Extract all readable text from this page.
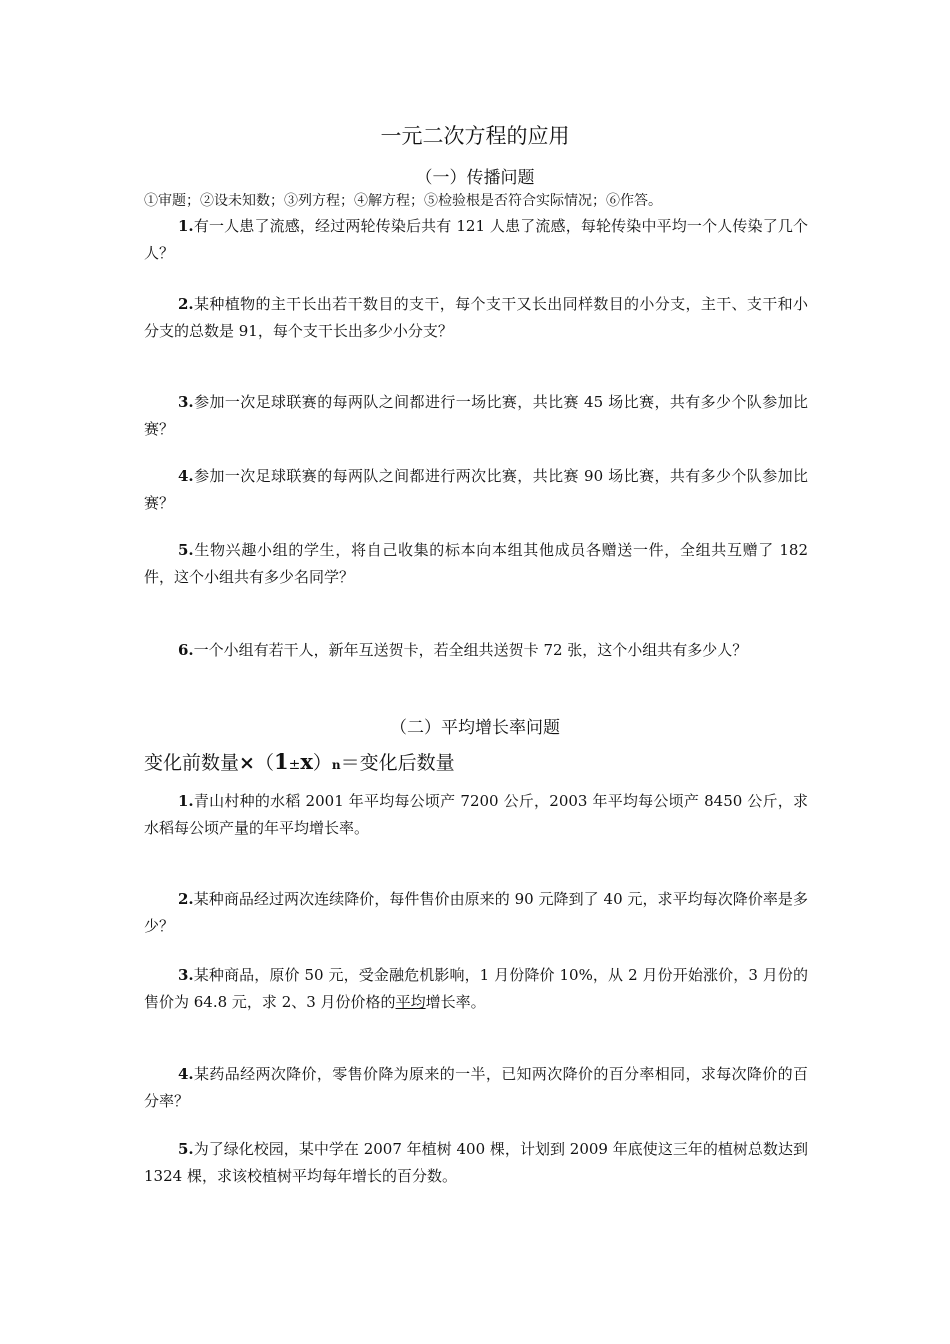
一元二次方程的应用
（一）传播问题
①审题；②设未知数；③列方程；④解方程；⑤检验根是否符合实际情况；⑥作答。
1.有一人患了流感，经过两轮传染后共有 121 人患了流感，每轮传染中平均一个人传染了几个人？
2.某种植物的主干长出若干数目的支干，每个支干又长出同样数目的小分支，主干、支干和小分支的总数是 91，每个支干长出多少小分支？
3.参加一次足球联赛的每两队之间都进行一场比赛，共比赛 45 场比赛，共有多少个队参加比赛？
4.参加一次足球联赛的每两队之间都进行两次比赛，共比赛 90 场比赛，共有多少个队参加比赛？
5.生物兴趣小组的学生，将自己收集的标本向本组其他成员各赠送一件，全组共互赠了 182 件，这个小组共有多少名同学？
6.一个小组有若干人，新年互送贺卡，若全组共送贺卡 72 张，这个小组共有多少人？
（二）平均增长率问题
变化前数量×（1±x）n＝变化后数量
1.青山村种的水稻 2001 年平均每公顷产 7200 公斤，2003 年平均每公顷产 8450 公斤，求水稻每公顷产量的年平均增长率。
2.某种商品经过两次连续降价，每件售价由原来的 90 元降到了 40 元，求平均每次降价率是多少？
3.某种商品，原价 50 元，受金融危机影响，1 月份降价 10%，从 2 月份开始涨价，3 月份的售价为 64.8 元，求 2、3 月份价格的平均增长率。
4.某药品经两次降价，零售价降为原来的一半，已知两次降价的百分率相同，求每次降价的百分率？
5.为了绿化校园，某中学在 2007 年植树 400 棵，计划到 2009 年底使这三年的植树总数达到 1324 棵，求该校植树平均每年增长的百分数。
